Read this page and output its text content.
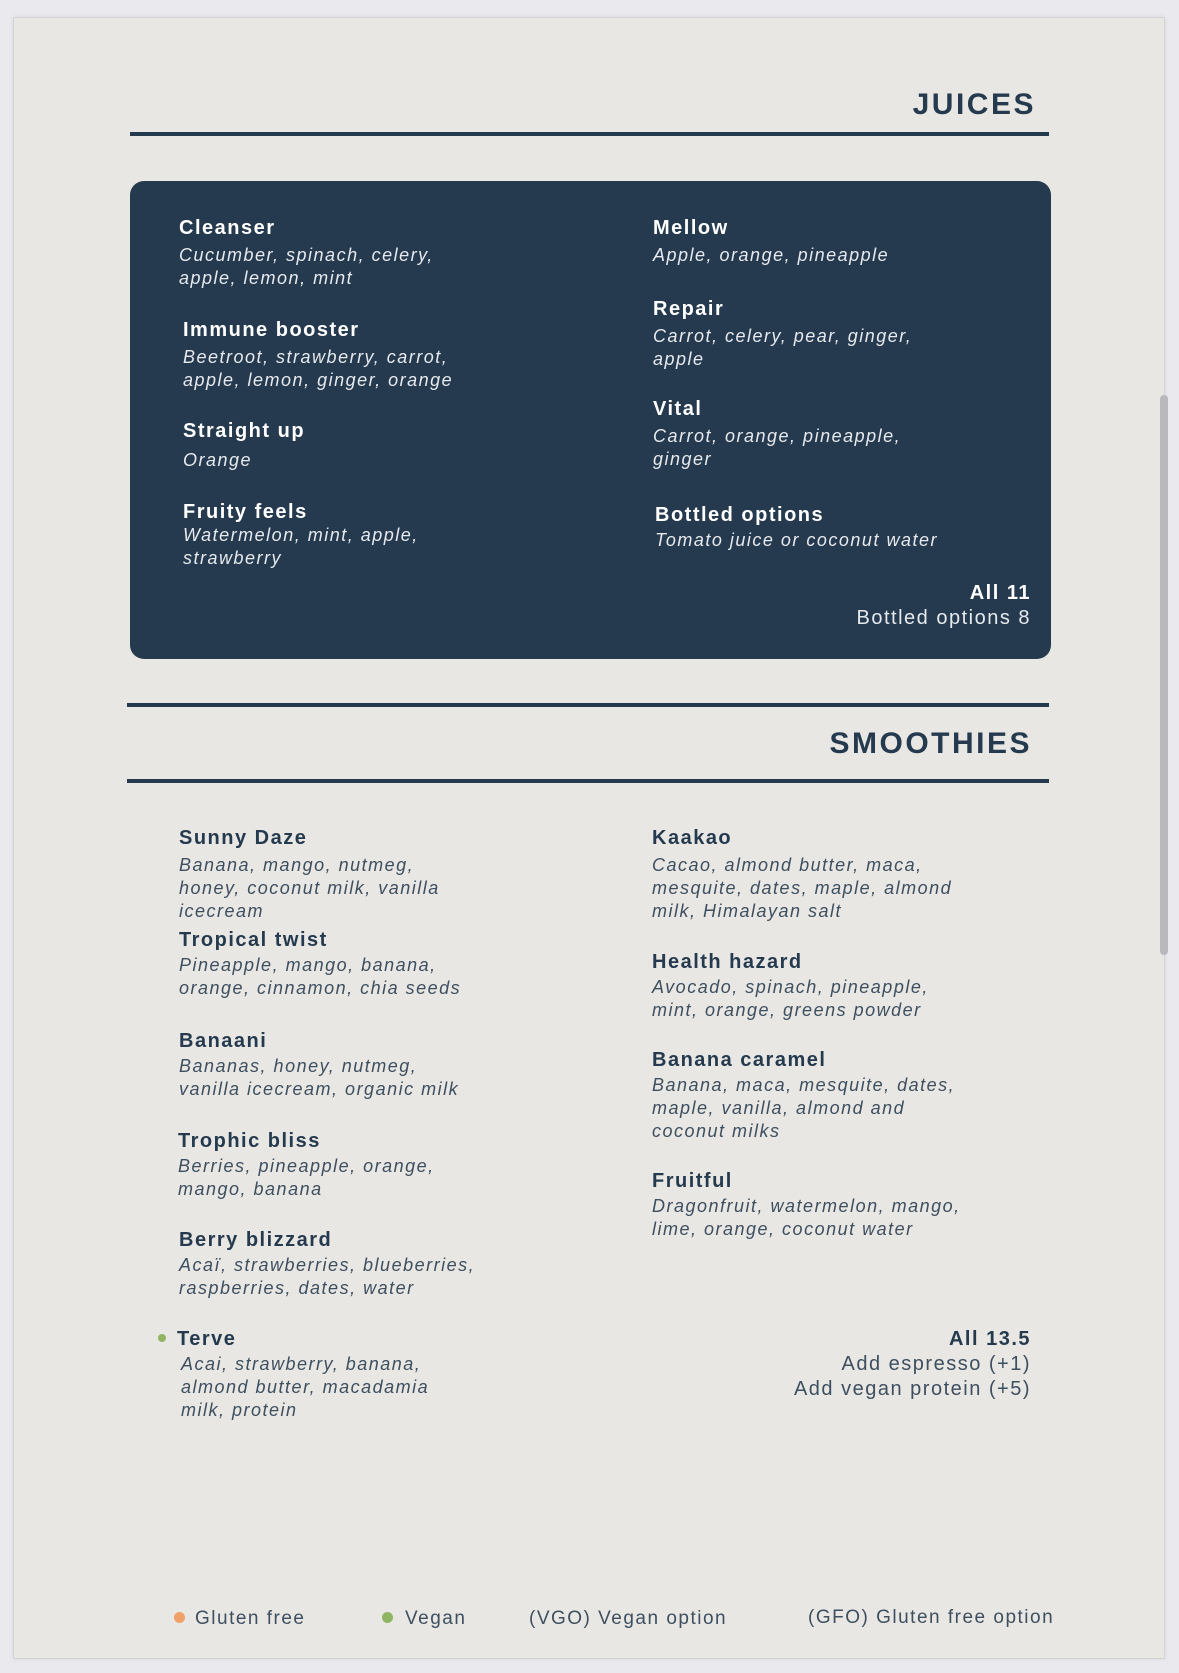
JUICES
Cleanser
Cucumber, spinach, celery, apple, lemon, mint
Immune booster
Beetroot, strawberry, carrot, apple, lemon, ginger, orange
Straight up
Orange
Fruity feels
Watermelon, mint, apple, strawberry
Mellow
Apple, orange, pineapple
Repair
Carrot, celery, pear, ginger, apple
Vital
Carrot, orange, pineapple, ginger
Bottled options
Tomato juice or coconut water
All 11
Bottled options 8
SMOOTHIES
Sunny Daze
Banana, mango, nutmeg, honey, coconut milk, vanilla icecream
Tropical twist
Pineapple, mango, banana, orange, cinnamon, chia seeds
Banaani
Bananas, honey, nutmeg, vanilla icecream, organic milk
Trophic bliss
Berries, pineapple, orange, mango, banana
Berry blizzard
Acaï, strawberries, blueberries, raspberries, dates, water
Terve
Acai, strawberry, banana, almond butter, macadamia milk, protein
Kaakao
Cacao, almond butter, maca, mesquite, dates, maple, almond milk, Himalayan salt
Health hazard
Avocado, spinach, pineapple, mint, orange, greens powder
Banana caramel
Banana, maca, mesquite, dates, maple, vanilla, almond and coconut milks
Fruitful
Dragonfruit, watermelon, mango, lime, orange, coconut water
All 13.5
Add espresso (+1)
Add vegan protein (+5)
Gluten free	Vegan	(VGO) Vegan option	(GFO) Gluten free option
